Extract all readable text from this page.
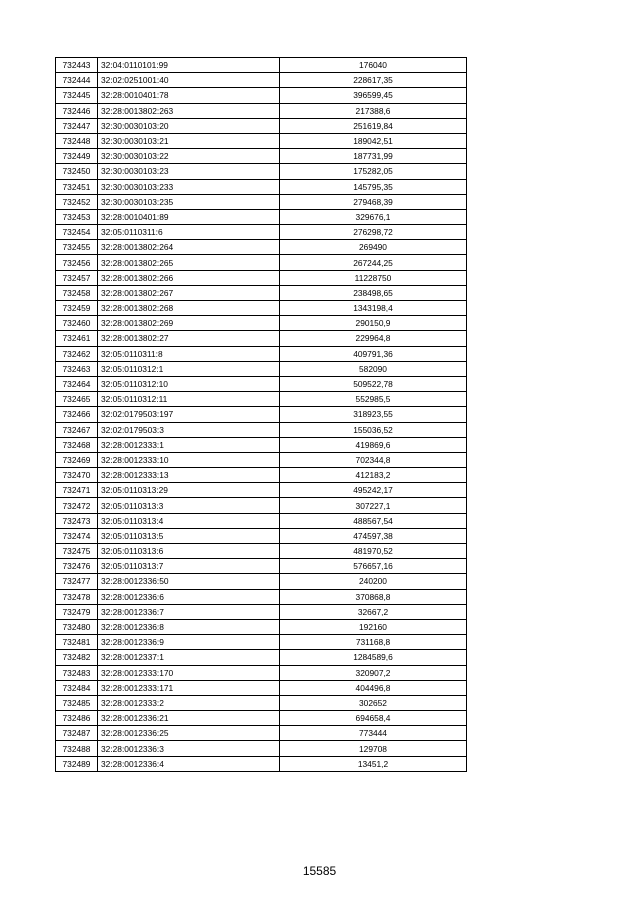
732443	32:04:0110101:99	176040
732444	32:02:0251001:40	228617,35
732445	32:28:0010401:78	396599,45
732446	32:28:0013802:263	217388,6
732447	32:30:0030103:20	251619,84
732448	32:30:0030103:21	189042,51
732449	32:30:0030103:22	187731,99
732450	32:30:0030103:23	175282,05
732451	32:30:0030103:233	145795,35
732452	32:30:0030103:235	279468,39
732453	32:28:0010401:89	329676,1
732454	32:05:0110311:6	276298,72
732455	32:28:0013802:264	269490
732456	32:28:0013802:265	267244,25
732457	32:28:0013802:266	11228750
732458	32:28:0013802:267	238498,65
732459	32:28:0013802:268	1343198,4
732460	32:28:0013802:269	290150,9
732461	32:28:0013802:27	229964,8
732462	32:05:0110311:8	409791,36
732463	32:05:0110312:1	582090
732464	32:05:0110312:10	509522,78
732465	32:05:0110312:11	552985,5
732466	32:02:0179503:197	318923,55
732467	32:02:0179503:3	155036,52
732468	32:28:0012333:1	419869,6
732469	32:28:0012333:10	702344,8
732470	32:28:0012333:13	412183,2
732471	32:05:0110313:29	495242,17
732472	32:05:0110313:3	307227,1
732473	32:05:0110313:4	488567,54
732474	32:05:0110313:5	474597,38
732475	32:05:0110313:6	481970,52
732476	32:05:0110313:7	576657,16
732477	32:28:0012336:50	240200
732478	32:28:0012336:6	370868,8
732479	32:28:0012336:7	32667,2
732480	32:28:0012336:8	192160
732481	32:28:0012336:9	731168,8
732482	32:28:0012337:1	1284589,6
732483	32:28:0012333:170	320907,2
732484	32:28:0012333:171	404496,8
732485	32:28:0012333:2	302652
732486	32:28:0012336:21	694658,4
732487	32:28:0012336:25	773444
732488	32:28:0012336:3	129708
732489	32:28:0012336:4	13451,2
15585
